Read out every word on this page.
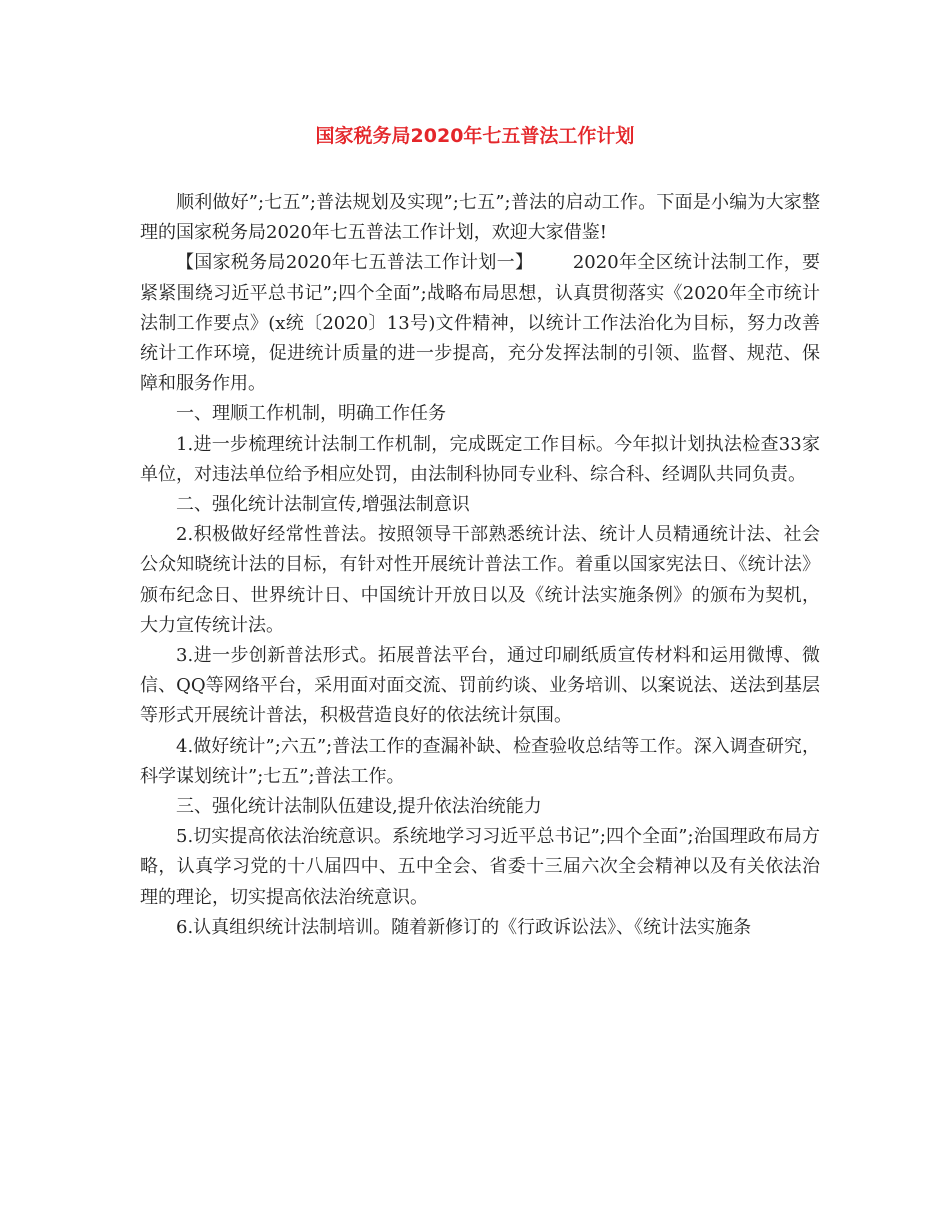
国家税务局2020年七五普法工作计划

顺利做好”;七五”;普法规划及实现”;七五”;普法的启动工作。下面是小编为大家整理的国家税务局2020年七五普法工作计划，欢迎大家借鉴!

【国家税务局2020年七五普法工作计划一】 2020年全区统计法制工作，要紧紧围绕习近平总书记”;四个全面”;战略布局思想，认真贯彻落实《2020年全市统计法制工作要点》(x统〔2020〕13号)文件精神，以统计工作法治化为目标，努力改善统计工作环境，促进统计质量的进一步提高，充分发挥法制的引领、监督、规范、保障和服务作用。

一、理顺工作机制，明确工作任务

1.进一步梳理统计法制工作机制，完成既定工作目标。今年拟计划执法检查33家单位，对违法单位给予相应处罚，由法制科协同专业科、综合科、经调队共同负责。

二、强化统计法制宣传,增强法制意识

2.积极做好经常性普法。按照领导干部熟悉统计法、统计人员精通统计法、社会公众知晓统计法的目标，有针对性开展统计普法工作。着重以国家宪法日、《统计法》颁布纪念日、世界统计日、中国统计开放日以及《统计法实施条例》的颁布为契机，大力宣传统计法。

3.进一步创新普法形式。拓展普法平台，通过印刷纸质宣传材料和运用微博、微信、QQ等网络平台，采用面对面交流、罚前约谈、业务培训、以案说法、送法到基层等形式开展统计普法，积极营造良好的依法统计氛围。

4.做好统计”;六五”;普法工作的查漏补缺、检查验收总结等工作。深入调查研究，科学谋划统计”;七五”;普法工作。

三、强化统计法制队伍建设,提升依法治统能力

5.切实提高依法治统意识。系统地学习习近平总书记”;四个全面”;治国理政布局方略，认真学习党的十八届四中、五中全会、省委十三届六次全会精神以及有关依法治理的理论，切实提高依法治统意识。

6.认真组织统计法制培训。随着新修订的《行政诉讼法》、《统计法实施条
